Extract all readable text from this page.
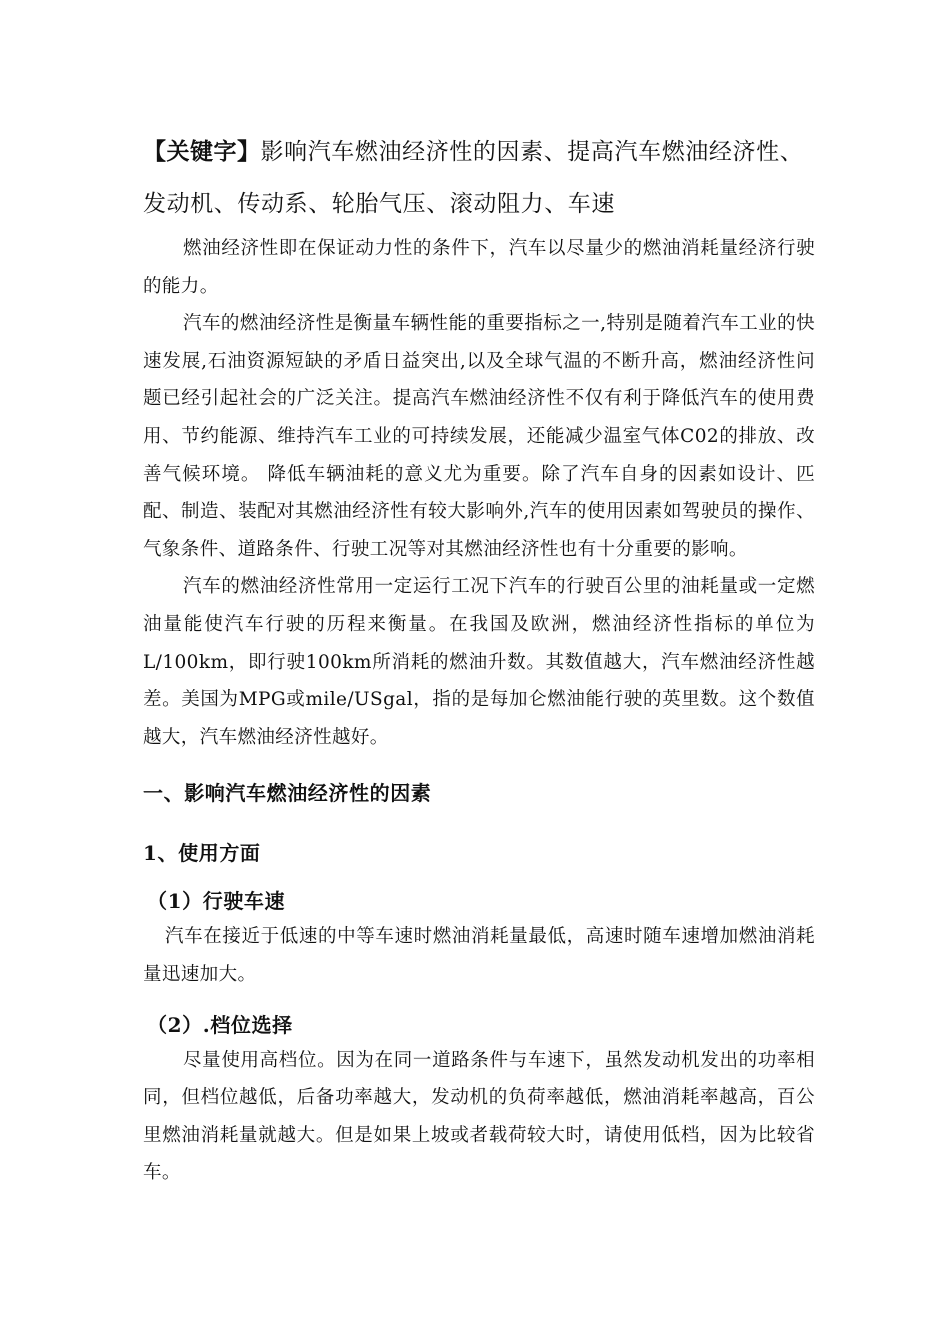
【关键字】影响汽车燃油经济性的因素、提高汽车燃油经济性、发动机、传动系、轮胎气压、滚动阻力、车速

燃油经济性即在保证动力性的条件下，汽车以尽量少的燃油消耗量经济行驶的能力。

汽车的燃油经济性是衡量车辆性能的重要指标之一,特别是随着汽车工业的快速发展,石油资源短缺的矛盾日益突出,以及全球气温的不断升高，燃油经济性问题已经引起社会的广泛关注。提高汽车燃油经济性不仅有利于降低汽车的使用费用、节约能源、维持汽车工业的可持续发展，还能减少温室气体C02的排放、改善气候环境。 降低车辆油耗的意义尤为重要。除了汽车自身的因素如设计、匹配、制造、装配对其燃油经济性有较大影响外,汽车的使用因素如驾驶员的操作、气象条件、道路条件、行驶工况等对其燃油经济性也有十分重要的影响。

汽车的燃油经济性常用一定运行工况下汽车的行驶百公里的油耗量或一定燃油量能使汽车行驶的历程来衡量。在我国及欧洲，燃油经济性指标的单位为L/100km，即行驶100km所消耗的燃油升数。其数值越大，汽车燃油经济性越差。美国为MPG或mile/USgal，指的是每加仑燃油能行驶的英里数。这个数值越大，汽车燃油经济性越好。

一、影响汽车燃油经济性的因素
1、使用方面
（1）行驶车速

汽车在接近于低速的中等车速时燃油消耗量最低，高速时随车速增加燃油消耗量迅速加大。

（2）.档位选择

尽量使用高档位。因为在同一道路条件与车速下，虽然发动机发出的功率相同，但档位越低，后备功率越大，发动机的负荷率越低，燃油消耗率越高，百公里燃油消耗量就越大。但是如果上坡或者载荷较大时，请使用低档，因为比较省车。
